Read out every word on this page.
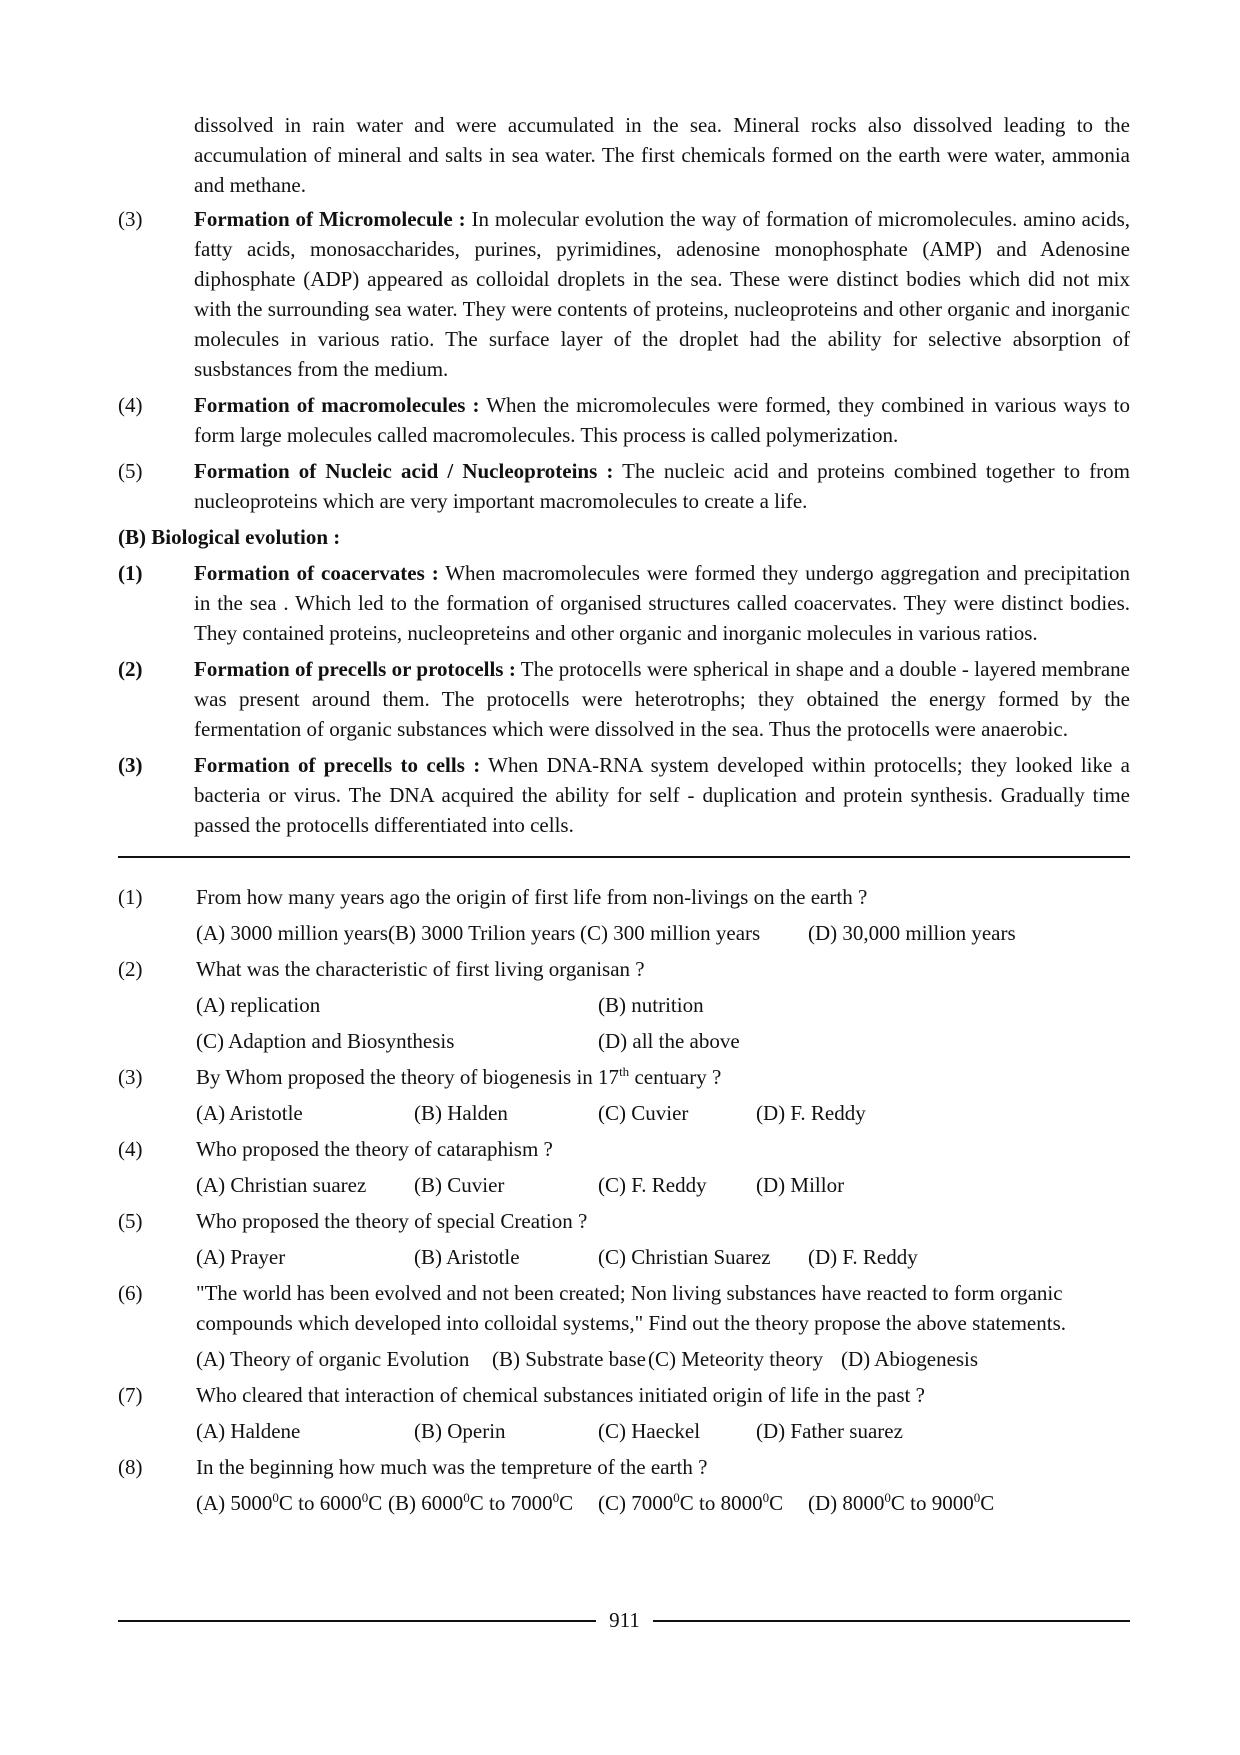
dissolved in rain water and were accumulated in the sea. Mineral rocks also dissolved leading to the accumulation of mineral and salts in sea water. The first chemicals formed on the earth were water, ammonia and methane.
(3)	Formation of Micromolecule : In molecular evolution the way of formation of micromolecules. amino acids, fatty acids, monosaccharides, purines, pyrimidines, adenosine monophosphate (AMP) and Adenosine diphosphate (ADP) appeared as colloidal droplets in the sea. These were distinct bodies which did not mix with the surrounding sea water. They were contents of proteins, nucleoproteins and other organic and inorganic molecules in various ratio. The surface layer of the droplet had the ability for selective absorption of susbstances from the medium.
(4)	Formation of macromolecules : When the micromolecules were formed, they combined in various ways to form large molecules called macromolecules. This process is called polymerization.
(5)	Formation of Nucleic acid / Nucleoproteins : The nucleic acid and proteins combined together to from nucleoproteins which are very important macromolecules to create a life.
(B) Biological evolution :
(1)	Formation of coacervates : When macromolecules were formed they undergo aggregation and precipitation in the sea . Which led to the formation of organised structures called coacervates. They were distinct bodies. They contained proteins, nucleopreteins and other organic and inorganic molecules in various ratios.
(2)	Formation of precells or protocells : The protocells were spherical in shape and a double - layered membrane was present around them. The protocells were heterotrophs; they obtained the energy formed by the fermentation of organic substances which were dissolved in the sea. Thus the protocells were anaerobic.
(3)	Formation of precells to cells : When DNA-RNA system developed within protocells; they looked like a bacteria or virus. The DNA acquired the ability for self - duplication and protein synthesis. Gradually time passed the protocells differentiated into cells.
(1)	From how many years ago the origin of first life from non-livings on the earth ?
(A) 3000 million years (B) 3000 Trilion years (C) 300 million years (D) 30,000 million years
(2)	What was the characteristic of first living organisan ?
(A) replication	(B) nutrition
(C) Adaption and Biosynthesis	(D) all the above
(3)	By Whom proposed the theory of biogenesis in 17th centuary ?
(A) Aristotle	(B) Halden	(C) Cuvier	(D) F. Reddy
(4)	Who proposed the theory of cataraphism ?
(A) Christian suarez (B) Cuvier	(C) F. Reddy (D) Millor
(5)	Who proposed the theory of special Creation ?
(A) Prayer	(B) Aristotle	(C) Christian Suarez (D) F. Reddy
(6)	"The world has been evolved and not been created; Non living substances have reacted to form organic compounds which developed into colloidal systems," Find out the theory propose the above statements.
(A) Theory of organic Evolution (B) Substrate base (C) Meteority theory (D) Abiogenesis
(7)	Who cleared that interaction of chemical substances initiated origin of life in the past ?
(A) Haldene	(B) Operin	(C) Haeckel	(D) Father suarez
(8)	In the beginning how much was the tempreture of the earth ?
(A) 5000$^0$C to 6000$^0$C (B) 6000$^0$C to 7000$^0$C (C) 7000$^0$C to 8000$^0$C (D) 8000$^0$C to 9000$^0$C
911
